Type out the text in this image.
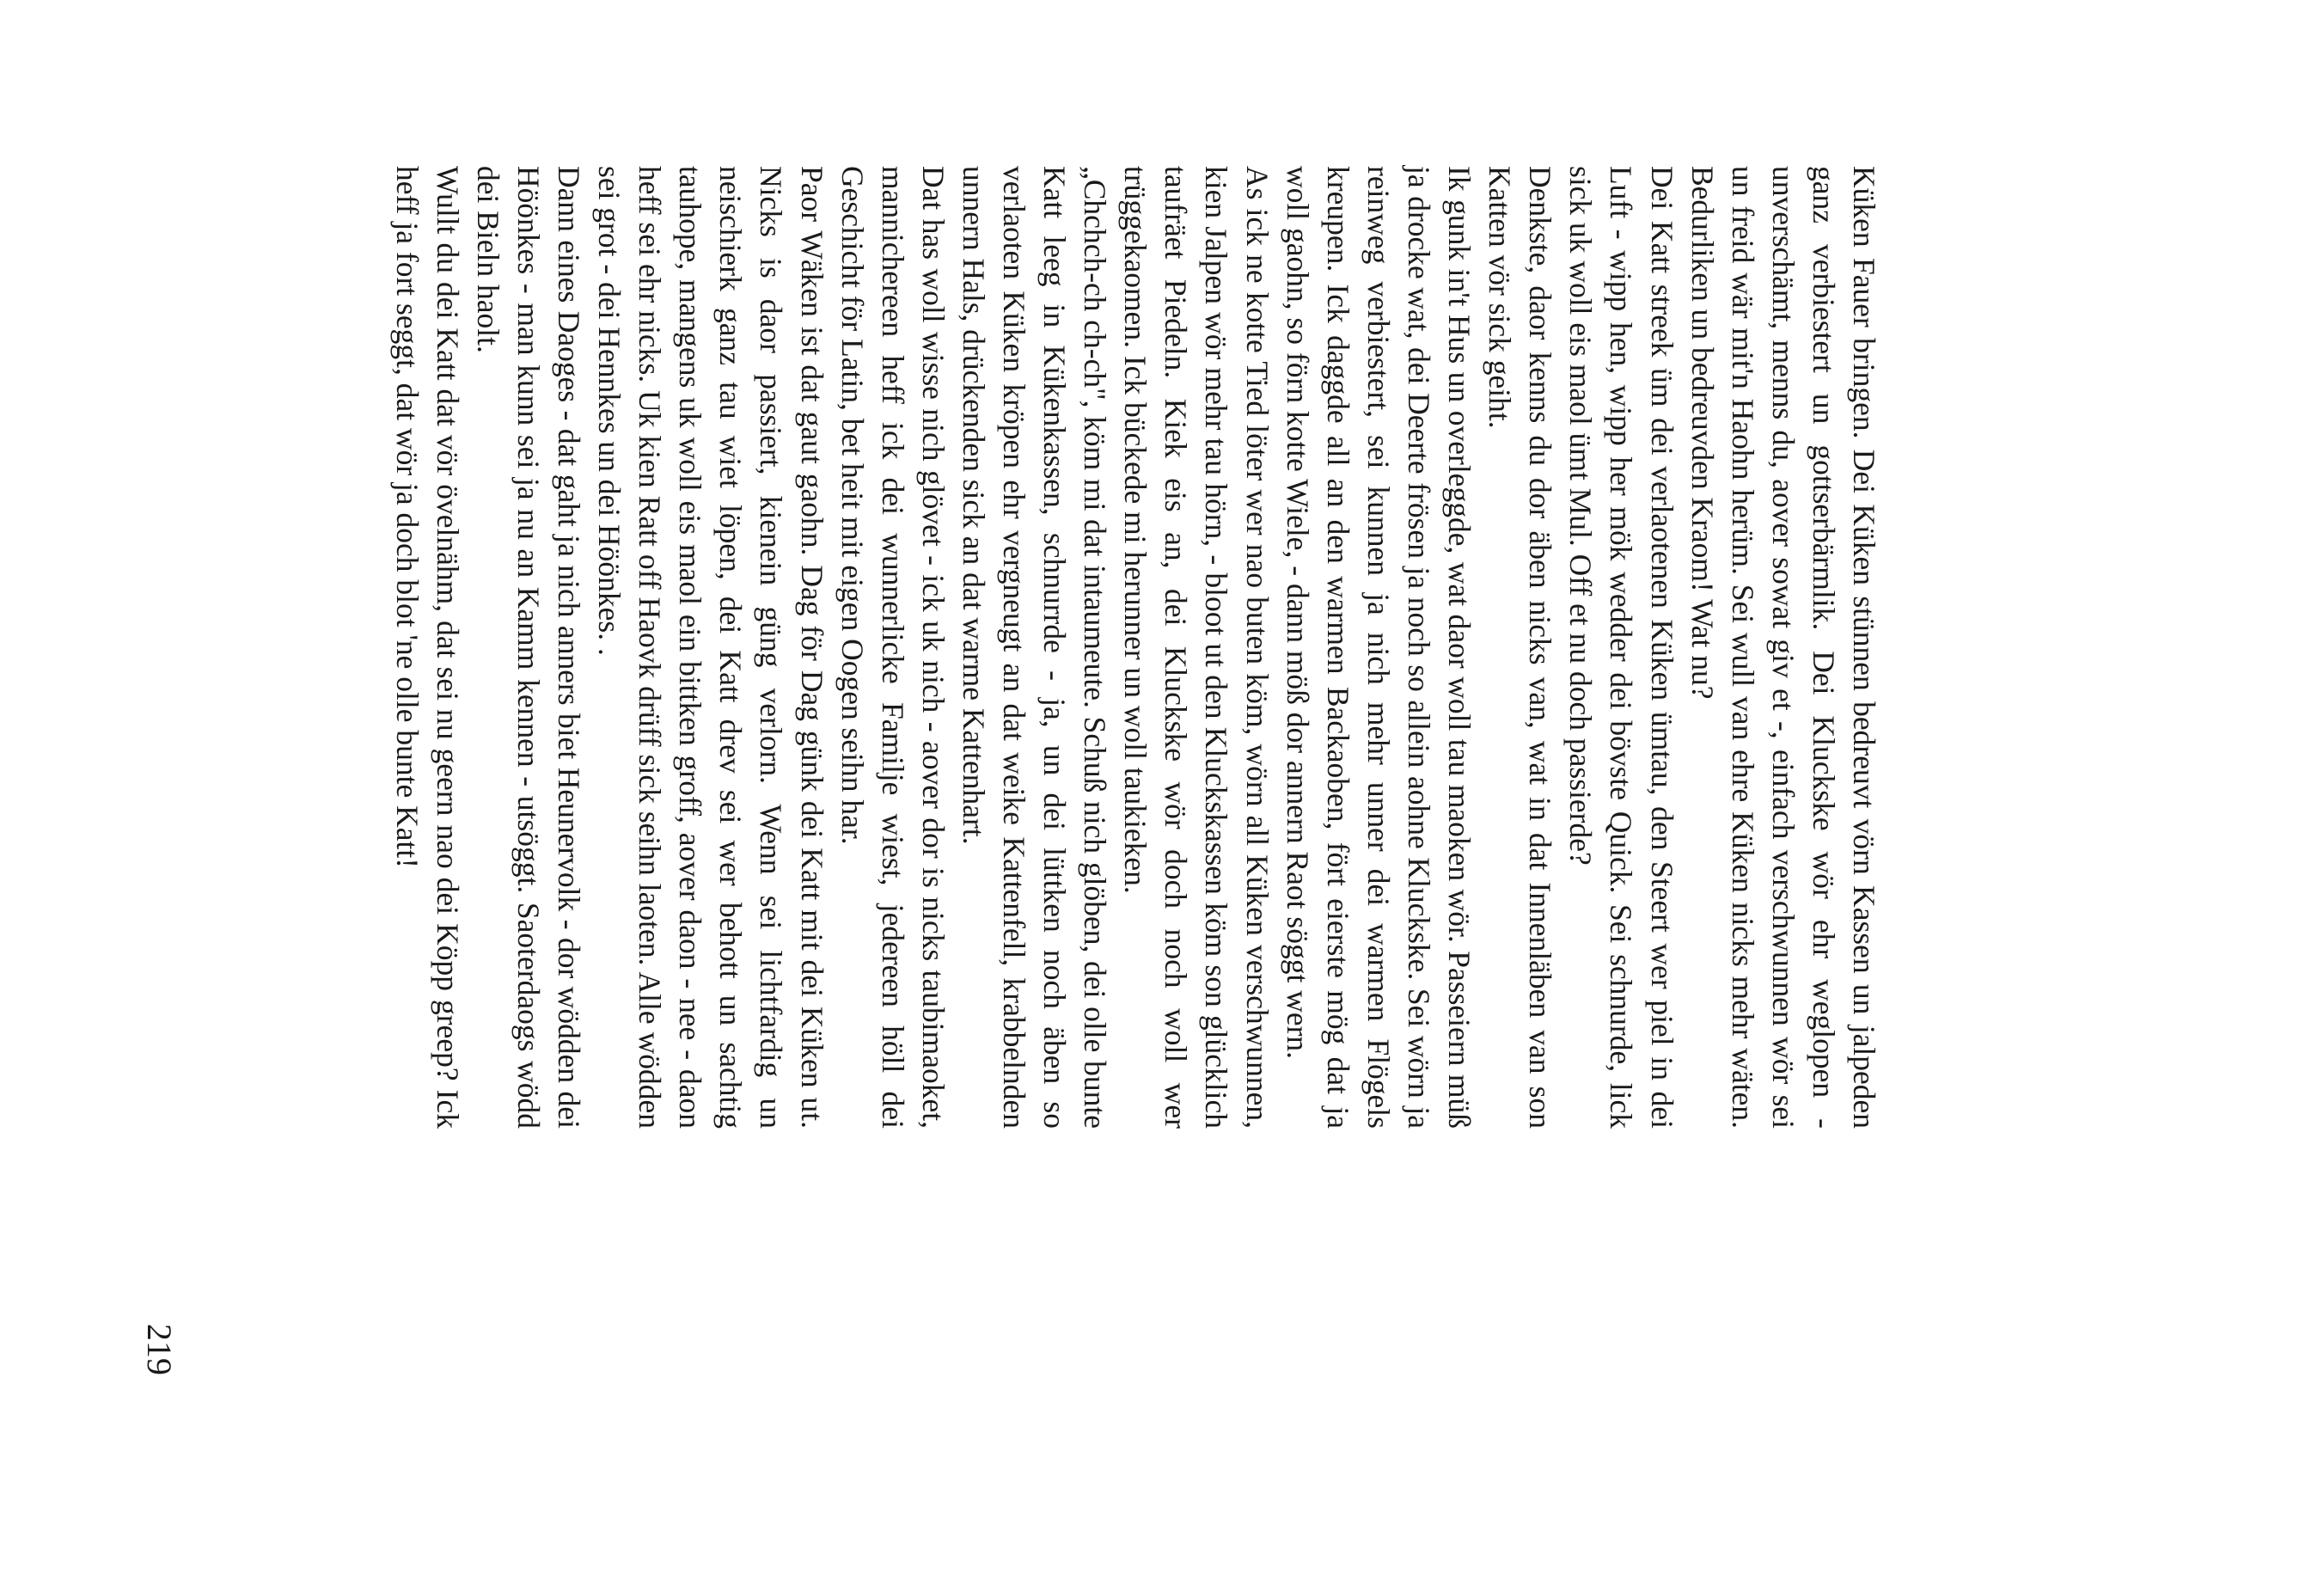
Küken Fauer bringen. Dei Küken stünnen bedreuvt vörn Kassen un jalpeden ganz verbiestert un gottserbärmlik. Dei Kluckske wör ehr weglopen - unverschämt, menns du, aover sowat giv et -, einfach verschwunnen wör sei un freid wär mit'n Haohn herüm. Sei wull van ehre Küken nicks mehr wäten. Bedurliken un bedreuvden Kraom! Wat nu?

Dei Katt streek üm dei verlaotenen Küken ümtau, den Steert wer piel in dei Luft - wipp hen, wipp her mök wedder dei bövste Quick. Sei schnurde, lick sick uk woll eis maol ümt Mul. Off et nu doch passierde?

Denkste, daor kenns du dor äben nicks van, wat in dat Innenläben van son Katten vör sick geiht.

Ik gunk in't Hus un overleggde, wat daor woll tau maoken wör. Passeiern müß ja drocke wat, dei Deerte frösen ja noch so allein aohne Kluckske. Sei wörn ja reinweg verbiestert, sei kunnen ja nich mehr unner dei warmen Flögels kreupen. Ick daggde all an den warmen Backaoben, fört eierste mög dat ja woll gaohn, so förn kotte Wiele, - dann möß dor annern Raot söggt wern.

As ick ne kotte Tied löter wer nao buten köm, wörn all Küken verschwunnen, kien Jalpen wör mehr tau hörn, - bloot ut den Kluckskassen köm son glücklich taufräet Piedeln. Kiek eis an, dei Kluckske wör doch noch woll wer trüggekaomen. Ick bückede mi herunner un woll taukieken.

„Chchch-ch ch-ch", köm mi dat intaumeute. Schuß nich glöben, dei olle bunte Katt leeg in Kükenkassen, schnurrde - ja, un dei lüttken noch äben so verlaoten Küken kröpen ehr vergneugt an dat weike Kattenfell, krabbelnden unnern Hals, drückenden sick an dat warme Kattenhart.

Dat has woll wisse nich glövet - ick uk nich - aover dor is nicks taubimaoket, mannichereen heff ick dei wunnerlicke Familje wiest, jedereen höll dei Geschicht för Latin, bet heit mit eigen Oogen seihn har.

Paor Wäken ist dat gaut gaohn. Dag för Dag günk dei Katt mit dei Küken ut. Nicks is daor passiert, kienein güng verlorn. Wenn sei lichtfardig un neischierk ganz tau wiet löpen, dei Katt drev sei wer behott un sachtig tauhope, mangens uk woll eis maol ein bittken groff, aover daon - nee - daon heff sei ehr nicks. Uk kien Ratt off Haovk drüff sick seihn laoten. Alle wödden sei grot - dei Hennkes un dei Höönkes. .

Dann eines Daoges - dat gaht ja nich anners biet Heunervolk - dor wödden dei Höönkes - man kunn sei ja nu an Kamm kennen - utsöggt. Saoterdaogs wödd dei Bieln haolt.

Wullt du dei Katt dat vör övelnähm, dat sei nu geern nao dei Köpp greep? Ick heff ja fort seggt, dat wör ja doch blot 'ne olle bunte Katt!

219
